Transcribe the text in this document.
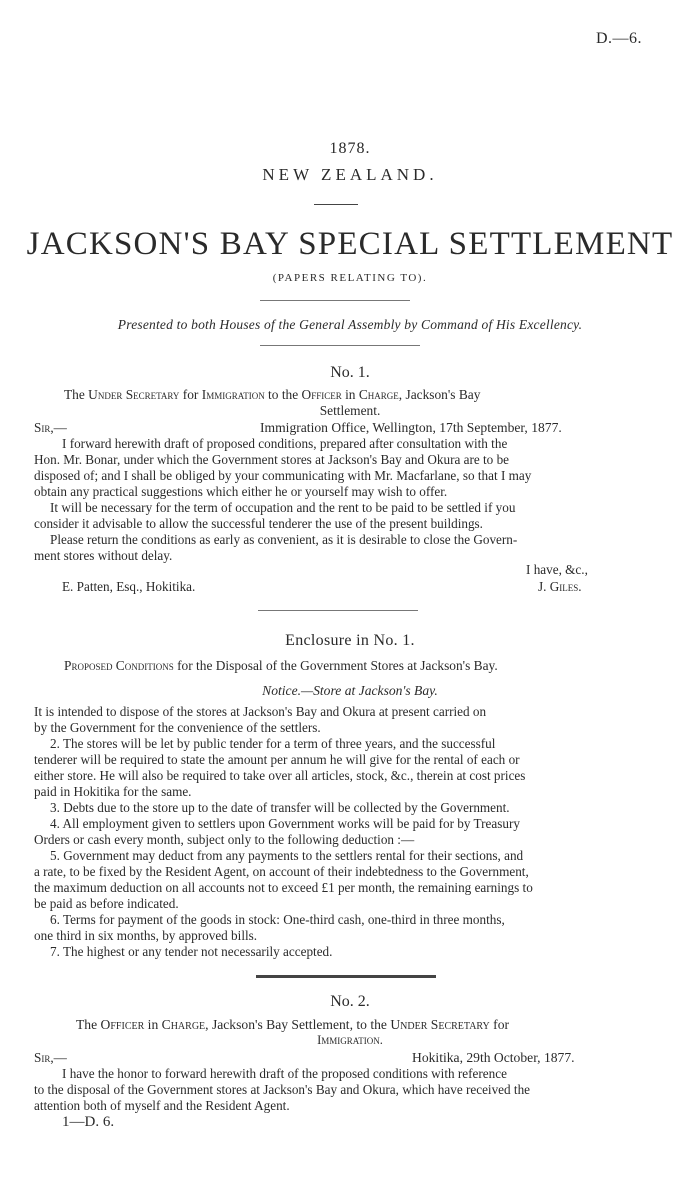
D.—6.
1878.
NEW ZEALAND.
JACKSON'S BAY SPECIAL SETTLEMENT
(PAPERS RELATING TO).
Presented to both Houses of the General Assembly by Command of His Excellency.
No. 1.
The Under Secretary for Immigration to the Officer in Charge, Jackson's Bay
Settlement.
Sir,—	Immigration Office, Wellington, 17th September, 1877.
I forward herewith draft of proposed conditions, prepared after consultation with the
Hon. Mr. Bonar, under which the Government stores at Jackson's Bay and Okura are to be
disposed of; and I shall be obliged by your communicating with Mr. Macfarlane, so that I may
obtain any practical suggestions which either he or yourself may wish to offer.
It will be necessary for the term of occupation and the rent to be paid to be settled if you
consider it advisable to allow the successful tenderer the use of the present buildings.
Please return the conditions as early as convenient, as it is desirable to close the Govern-
ment stores without delay.
I have, &c.,
E. Patten, Esq., Hokitika.	J. Giles.
Enclosure in No. 1.
Proposed Conditions for the Disposal of the Government Stores at Jackson's Bay.
Notice.—Store at Jackson's Bay.
It is intended to dispose of the stores at Jackson's Bay and Okura at present carried on
by the Government for the convenience of the settlers.
2. The stores will be let by public tender for a term of three years, and the successful
tenderer will be required to state the amount per annum he will give for the rental of each or
either store. He will also be required to take over all articles, stock, &c., therein at cost prices
paid in Hokitika for the same.
3. Debts due to the store up to the date of transfer will be collected by the Government.
4. All employment given to settlers upon Government works will be paid for by Treasury
Orders or cash every month, subject only to the following deduction :—
5. Government may deduct from any payments to the settlers rental for their sections, and
a rate, to be fixed by the Resident Agent, on account of their indebtedness to the Government,
the maximum deduction on all accounts not to exceed £1 per month, the remaining earnings to
be paid as before indicated.
6. Terms for payment of the goods in stock: One-third cash, one-third in three months,
one third in six months, by approved bills.
7. The highest or any tender not necessarily accepted.
No. 2.
The Officer in Charge, Jackson's Bay Settlement, to the Under Secretary for
Immigration.
Sir,—	Hokitika, 29th October, 1877.
I have the honor to forward herewith draft of the proposed conditions with reference
to the disposal of the Government stores at Jackson's Bay and Okura, which have received the
attention both of myself and the Resident Agent.
1—D. 6.
